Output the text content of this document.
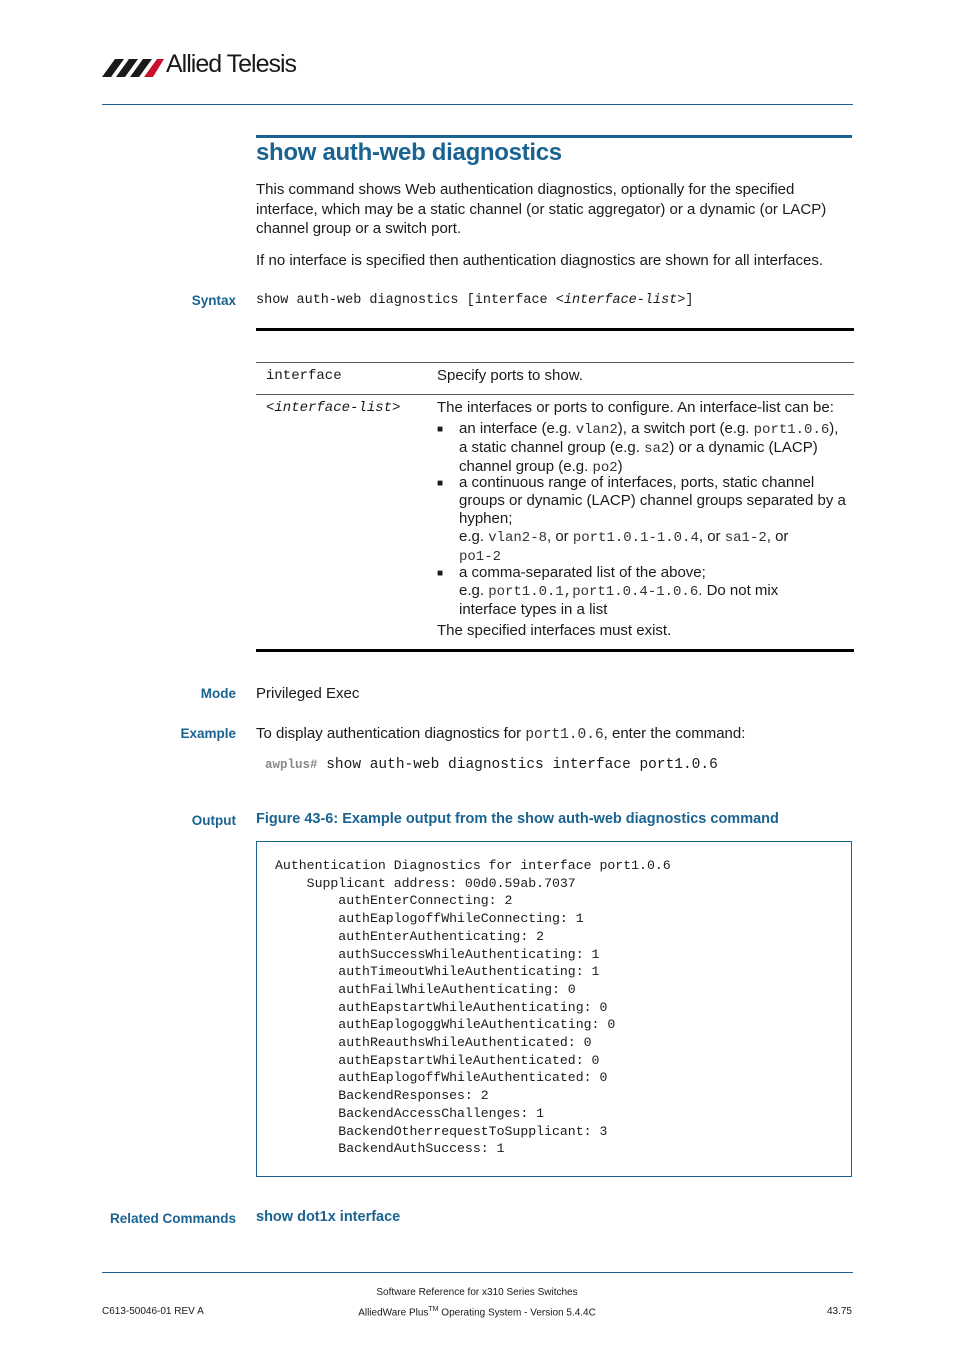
Allied Telesis
show auth-web diagnostics
This command shows Web authentication diagnostics, optionally for the specified
interface, which may be a static channel (or static aggregator) or a dynamic (or LACP)
channel group or a switch port.
If no interface is specified then authentication diagnostics are shown for all interfaces.
Syntax show auth-web diagnostics [interface <interface-list>]
interface	Specify ports to show.
<interface-list> The interfaces or ports to configure. An interface-list can be:
■ an interface (e.g. vlan2), a switch port (e.g. port1.0.6),
a static channel group (e.g. sa2) or a dynamic (LACP)
channel group (e.g. po2)
■ a continuous range of interfaces, ports, static channel
groups or dynamic (LACP) channel groups separated by a
hyphen;
e.g. vlan2-8, or port1.0.1-1.0.4, or sa1-2, or
po1-2
■ a comma-separated list of the above;
e.g. port1.0.1,port1.0.4-1.0.6. Do not mix
interface types in a list
The specified interfaces must exist.
Mode Privileged Exec
Example To display authentication diagnostics for port1.0.6, enter the command:
awplus# show auth-web diagnostics interface port1.0.6
Output Figure 43-6: Example output from the show auth-web diagnostics command
Authentication Diagnostics for interface port1.0.6
Supplicant address: 00d0.59ab.7037
authEnterConnecting: 2
authEaplogoffWhileConnecting: 1
authEnterAuthenticating: 2
authSuccessWhileAuthenticating: 1
authTimeoutWhileAuthenticating: 1
authFailWhileAuthenticating: 0
authEapstartWhileAuthenticating: 0
authEaplogoggWhileAuthenticating: 0
authReauthsWhileAuthenticated: 0
authEapstartWhileAuthenticated: 0
authEaplogoffWhileAuthenticated: 0
BackendResponses: 2
BackendAccessChallenges: 1
BackendOtherrequestToSupplicant: 3
BackendAuthSuccess: 1
Related Commands show dot1x interface
C613-50046-01 REV A
Software Reference for x310 Series Switches
AlliedWare Plus™ Operating System - Version 5.4.4C	43.75
